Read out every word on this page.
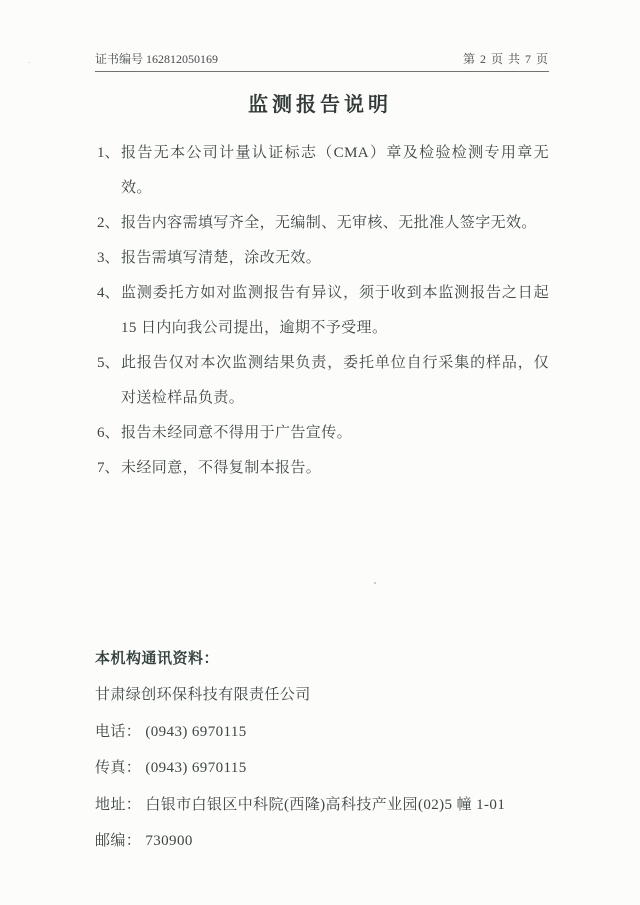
证书编号 162812050169	第 2 页 共 7 页
监测报告说明
1、 报告无本公司计量认证标志（CMA）章及检验检测专用章无效。
2、 报告内容需填写齐全，无编制、无审核、无批准人签字无效。
3、 报告需填写清楚，涂改无效。
4、 监测委托方如对监测报告有异议，须于收到本监测报告之日起 15 日内向我公司提出，逾期不予受理。
5、 此报告仅对本次监测结果负责，委托单位自行采集的样品，仅对送检样品负责。
6、 报告未经同意不得用于广告宣传。
7、 未经同意，不得复制本报告。
本机构通讯资料：
甘肃绿创环保科技有限责任公司
电话： (0943) 6970115
传真： (0943) 6970115
地址： 白银市白银区中科院(西隆)高科技产业园(02)5 幢 1-01
邮编： 730900
